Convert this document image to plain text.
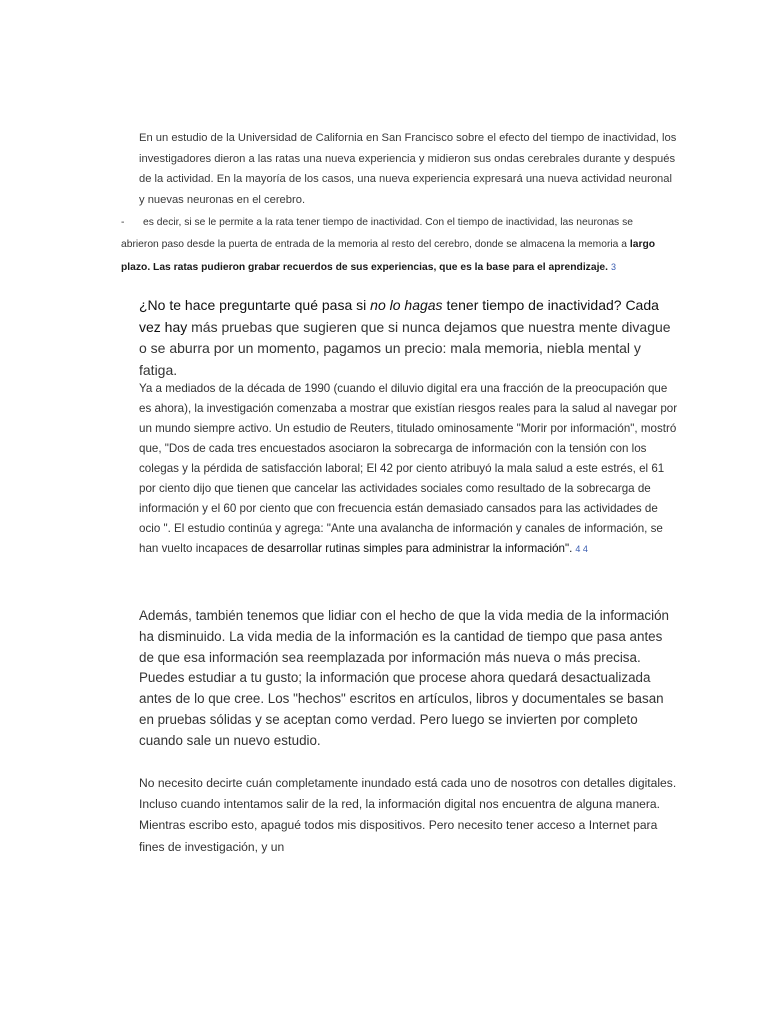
En un estudio de la Universidad de California en San Francisco sobre el efecto del tiempo de inactividad, los investigadores dieron a las ratas una nueva experiencia y midieron sus ondas cerebrales durante y después de la actividad. En la mayoría de los casos, una nueva experiencia expresará una nueva actividad neuronal y nuevas neuronas en el cerebro.

- es decir, si se le permite a la rata tener tiempo de inactividad. Con el tiempo de inactividad, las neuronas se abrieron paso desde la puerta de entrada de la memoria al resto del cerebro, donde se almacena la memoria a largo plazo. Las ratas pudieron grabar recuerdos de sus experiencias, que es la base para el aprendizaje. 3

¿No te hace preguntarte qué pasa si no lo hagas tener tiempo de inactividad? Cada vez hay más pruebas que sugieren que si nunca dejamos que nuestra mente divague o se aburra por un momento, pagamos un precio: mala memoria, niebla mental y fatiga.

Ya a mediados de la década de 1990 (cuando el diluvio digital era una fracción de la preocupación que es ahora), la investigación comenzaba a mostrar que existían riesgos reales para la salud al navegar por un mundo siempre activo. Un estudio de Reuters, titulado ominosamente "Morir por información", mostró que, "Dos de cada tres encuestados asociaron la sobrecarga de información con la tensión con los colegas y la pérdida de satisfacción laboral; El 42 por ciento atribuyó la mala salud a este estrés, el 61 por ciento dijo que tienen que cancelar las actividades sociales como resultado de la sobrecarga de información y el 60 por ciento que con frecuencia están demasiado cansados para las actividades de ocio ". El estudio continúa y agrega: "Ante una avalancha de información y canales de información, se han vuelto incapaces de desarrollar rutinas simples para administrar la información". 4 4

Además, también tenemos que lidiar con el hecho de que la vida media de la información ha disminuido. La vida media de la información es la cantidad de tiempo que pasa antes de que esa información sea reemplazada por información más nueva o más precisa. Puedes estudiar a tu gusto; la información que procese ahora quedará desactualizada antes de lo que cree. Los "hechos" escritos en artículos, libros y documentales se basan en pruebas sólidas y se aceptan como verdad. Pero luego se invierten por completo cuando sale un nuevo estudio.

No necesito decirte cuán completamente inundado está cada uno de nosotros con detalles digitales. Incluso cuando intentamos salir de la red, la información digital nos encuentra de alguna manera. Mientras escribo esto, apagué todos mis dispositivos. Pero necesito tener acceso a Internet para fines de investigación, y un
